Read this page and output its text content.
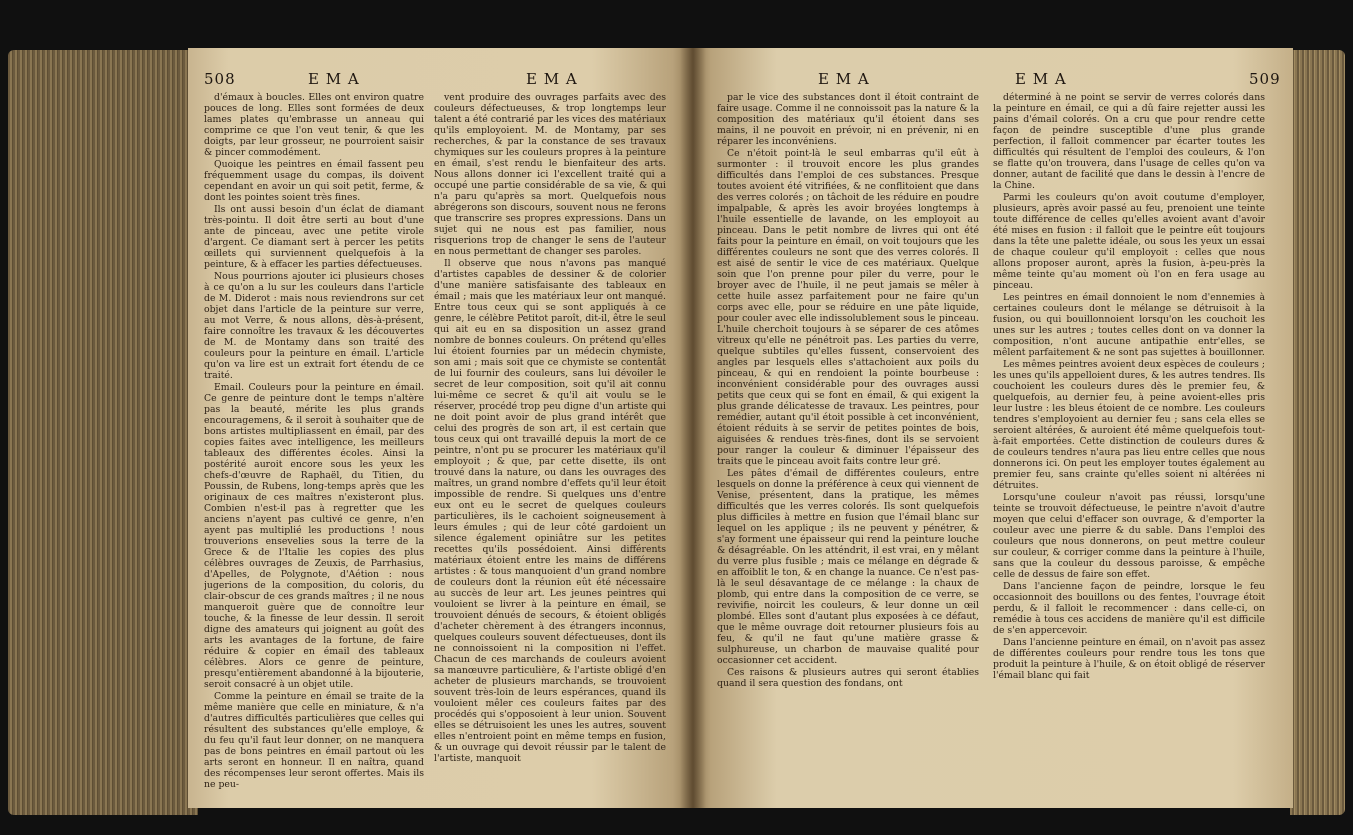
508	E M A	E M A

d'émaux à boucles. Elles ont environ quatre pouces de long. Elles sont formées de deux lames plates qu'embrasse un anneau qui comprime ce que l'on veut tenir, & que les doigts, par leur grosseur, ne pourroient saisir & pincer commodément.

Quoique les peintres en émail fassent peu fréquemment usage du compas, ils doivent cependant en avoir un qui soit petit, ferme, & dont les pointes soient très fines.

Ils ont aussi besoin d'un éclat de diamant très-pointu. Il doit être serti au bout d'une ante de pinceau, avec une petite virole d'argent. Ce diamant sert à percer les petits œillets qui surviennent quelquefois à la peinture, & à effacer les parties défectueuses.

Nous pourrions ajouter ici plusieurs choses à ce qu'on a lu sur les couleurs dans l'article de M. Diderot : mais nous reviendrons sur cet objet dans l'article de la peinture sur verre, au mot Verre, & nous allons, dès-à-présent, faire connoître les travaux & les découvertes de M. de Montamy dans son traité des couleurs pour la peinture en émail. L'article qu'on va lire est un extrait fort étendu de ce traité.

Email. Couleurs pour la peinture en émail. Ce genre de peinture dont le temps n'altère pas la beauté, mérite les plus grands encouragemens, & il seroit à souhaiter que de bons artistes multipliassent en émail, par des copies faites avec intelligence, les meilleurs tableaux des différentes écoles. Ainsi la postérité auroit encore sous les yeux les chefs-d'œuvre de Raphaël, du Titien, du Poussin, de Rubens, long-temps après que les originaux de ces maîtres n'existeront plus. Combien n'est-il pas à regretter que les anciens n'ayent pas cultivé ce genre, n'en ayent pas multiplié les productions ! nous trouverions ensevelies sous la terre de la Grece & de l'Italie les copies des plus célèbres ouvrages de Zeuxis, de Parrhasius, d'Apelles, de Polygnote, d'Aétion : nous jugerions de la composition, du coloris, du clair-obscur de ces grands maîtres ; il ne nous manqueroit guère que de connoître leur touche, & la finesse de leur dessin. Il seroit digne des amateurs qui joignent au goût des arts les avantages de la fortune, de faire réduire & copier en émail des tableaux célèbres. Alors ce genre de peinture, presqu'entièrement abandonné à la bijouterie, seroit consacré à un objet utile.

Comme la peinture en émail se traite de la même manière que celle en miniature, & n'a d'autres difficultés particulières que celles qui résultent des substances qu'elle employe, & du feu qu'il faut leur donner, on ne manquera pas de bons peintres en émail partout où les arts seront en honneur. Il en naîtra, quand des récompenses leur seront offertes. Mais ils ne peu-

vent produire des ouvrages parfaits avec des couleurs défectueuses, & trop longtemps leur talent a été contrarié par les vices des matériaux qu'ils employoient. M. de Montamy, par ses recherches, & par la constance de ses travaux chymiques sur les couleurs propres à la peinture en émail, s'est rendu le bienfaiteur des arts. Nous allons donner ici l'excellent traité qui a occupé une partie considérable de sa vie, & qui n'a paru qu'après sa mort. Quelquefois nous abrégerons son discours, souvent nous ne ferons que transcrire ses propres expressions. Dans un sujet qui ne nous est pas familier, nous risquerions trop de changer le sens de l'auteur en nous permettant de changer ses paroles.

Il observe que nous n'avons pas manqué d'artistes capables de dessiner & de colorier d'une manière satisfaisante des tableaux en émail ; mais que les matériaux leur ont manqué. Entre tous ceux qui se sont appliqués à ce genre, le célèbre Petitot paroît, dit-il, être le seul qui ait eu en sa disposition un assez grand nombre de bonnes couleurs. On prétend qu'elles lui étoient fournies par un médecin chymiste, son ami ; mais soit que ce chymiste se contentât de lui fournir des couleurs, sans lui dévoiler le secret de leur composition, soit qu'il ait connu lui-même ce secret & qu'il ait voulu se le réserver, procédé trop peu digne d'un artiste qui ne doit point avoir de plus grand intérêt que celui des progrès de son art, il est certain que tous ceux qui ont travaillé depuis la mort de ce peintre, n'ont pu se procurer les matériaux qu'il employoit ; & que, par cette disette, ils ont trouvé dans la nature, ou dans les ouvrages des maîtres, un grand nombre d'effets qu'il leur étoit impossible de rendre. Si quelques uns d'entre eux ont eu le secret de quelques couleurs particulières, ils le cachoient soigneusement à leurs émules ; qui de leur côté gardoient un silence également opiniâtre sur les petites recettes qu'ils possédoient. Ainsi différents matériaux étoient entre les mains de différens artistes : & tous manquoient d'un grand nombre de couleurs dont la réunion eût été nécessaire au succès de leur art. Les jeunes peintres qui vouloient se livrer à la peinture en émail, se trouvoient dénués de secours, & étoient obligés d'acheter chèrement à des étrangers inconnus, quelques couleurs souvent défectueuses, dont ils ne connoissoient ni la composition ni l'effet. Chacun de ces marchands de couleurs avoient sa manœuvre particulière, & l'artiste obligé d'en acheter de plusieurs marchands, se trouvoient souvent très-loin de leurs espérances, quand ils vouloient mêler ces couleurs faites par des procédés qui s'opposoient à leur union. Souvent elles se détruisoient les unes les autres, souvent elles n'entroient point en même temps en fusion, & un ouvrage qui devoit réussir par le talent de l'artiste, manquoit

E M A	E M A	509

par le vice des substances dont il étoit contraint de faire usage. Comme il ne connoissoit pas la nature & la composition des matériaux qu'il étoient dans ses mains, il ne pouvoit en prévoir, ni en prévenir, ni en réparer les inconvéniens.

Ce n'étoit point-là le seul embarras qu'il eût à surmonter : il trouvoit encore les plus grandes difficultés dans l'emploi de ces substances. Presque toutes avoient été vitrifiées, & ne conflitoient que dans des verres colorés ; on tâchoit de les réduire en poudre impalpable, & après les avoir broyées longtemps à l'huile essentielle de lavande, on les employoit au pinceau. Dans le petit nombre de livres qui ont été faits pour la peinture en émail, on voit toujours que les différentes couleurs ne sont que des verres colorés. Il est aisé de sentir le vice de ces matériaux. Quelque soin que l'on prenne pour piler du verre, pour le broyer avec de l'huile, il ne peut jamais se mêler à cette huile assez parfaitement pour ne faire qu'un corps avec elle, pour se réduire en une pâte liquide, pour couler avec elle indissolublement sous le pinceau. L'huile cherchoit toujours à se séparer de ces atômes vitreux qu'elle ne pénétroit pas. Les parties du verre, quelque subtiles qu'elles fussent, conservoient des angles par lesquels elles s'attachoient aux poils du pinceau, & qui en rendoient la pointe bourbeuse : inconvénient considérable pour des ouvrages aussi petits que ceux qui se font en émail, & qui exigent la plus grande délicatesse de travaux. Les peintres, pour remédier, autant qu'il étoit possible à cet inconvénient, étoient réduits à se servir de petites pointes de bois, aiguisées & rendues très-fines, dont ils se servoient pour ranger la couleur & diminuer l'épaisseur des traits que le pinceau avoit faits contre leur gré.

Les pâtes d'émail de différentes couleurs, entre lesquels on donne la préférence à ceux qui viennent de Venise, présentent, dans la pratique, les mêmes difficultés que les verres colorés. Ils sont quelquefois plus difficiles à mettre en fusion que l'émail blanc sur lequel on les applique ; ils ne peuvent y pénétrer, & s'ay forment une épaisseur qui rend la peinture louche & désagréable. On les atténdrit, il est vrai, en y mêlant du verre plus fusible ; mais ce mélange en dégrade & en affoiblit le ton, & en change la nuance. Ce n'est pas-là le seul désavantage de ce mélange : la chaux de plomb, qui entre dans la composition de ce verre, se revivifie, noircit les couleurs, & leur donne un œil plombé. Elles sont d'autant plus exposées à ce défaut, que le même ouvrage doit retourner plusieurs fois au feu, & qu'il ne faut qu'une matière grasse & sulphureuse, un charbon de mauvaise qualité pour occasionner cet accident.

Ces raisons & plusieurs autres qui seront établies quand il sera question des fondans, ont

déterminé à ne point se servir de verres colorés dans la peinture en émail, ce qui a dû faire rejetter aussi les pains d'émail colorés. On a cru que pour rendre cette façon de peindre susceptible d'une plus grande perfection, il falloit commencer par écarter toutes les difficultés qui résultent de l'emploi des couleurs, & l'on se flatte qu'on trouvera, dans l'usage de celles qu'on va donner, autant de facilité que dans le dessin à l'encre de la Chine.

Parmi les couleurs qu'on avoit coutume d'employer, plusieurs, après avoir passé au feu, prenoient une teinte toute différence de celles qu'elles avoient avant d'avoir été mises en fusion : il falloit que le peintre eût toujours dans la tête une palette idéale, ou sous les yeux un essai de chaque couleur qu'il employoit : celles que nous allons proposer auront, après la fusion, à-peu-près la même teinte qu'au moment où l'on en fera usage au pinceau.

Les peintres en émail donnoient le nom d'ennemies à certaines couleurs dont le mélange se détruisoit à la fusion, ou qui bouillonnoient lorsqu'on les couchoit les unes sur les autres ; toutes celles dont on va donner la composition, n'ont aucune antipathie entr'elles, se mêlent parfaitement & ne sont pas sujettes à bouillonner.

Les mêmes peintres avoient deux espèces de couleurs ; les unes qu'ils appelloient dures, & les autres tendres. Ils couchoient les couleurs dures dès le premier feu, & quelquefois, au dernier feu, à peine avoient-elles pris leur lustre : les bleus étoient de ce nombre. Les couleurs tendres s'employoient au dernier feu ; sans cela elles se seroient altérées, & auroient été même quelquefois tout-à-fait emportées. Cette distinction de couleurs dures & de couleurs tendres n'aura pas lieu entre celles que nous donnerons ici. On peut les employer toutes également au premier feu, sans crainte qu'elles soient ni altérées ni détruites.

Lorsqu'une couleur n'avoit pas réussi, lorsqu'une teinte se trouvoit défectueuse, le peintre n'avoit d'autre moyen que celui d'effacer son ouvrage, & d'emporter la couleur avec une pierre & du sable. Dans l'emploi des couleurs que nous donnerons, on peut mettre couleur sur couleur, & corriger comme dans la peinture à l'huile, sans que la couleur du dessous paroisse, & empêche celle de dessus de faire son effet.

Dans l'ancienne façon de peindre, lorsque le feu occasionnoit des bouillons ou des fentes, l'ouvrage étoit perdu, & il falloit le recommencer : dans celle-ci, on remédie à tous ces accidens de manière qu'il est difficile de s'en appercevoir.

Dans l'ancienne peinture en émail, on n'avoit pas assez de différentes couleurs pour rendre tous les tons que produit la peinture à l'huile, & on étoit obligé de réserver l'émail blanc qui fait
